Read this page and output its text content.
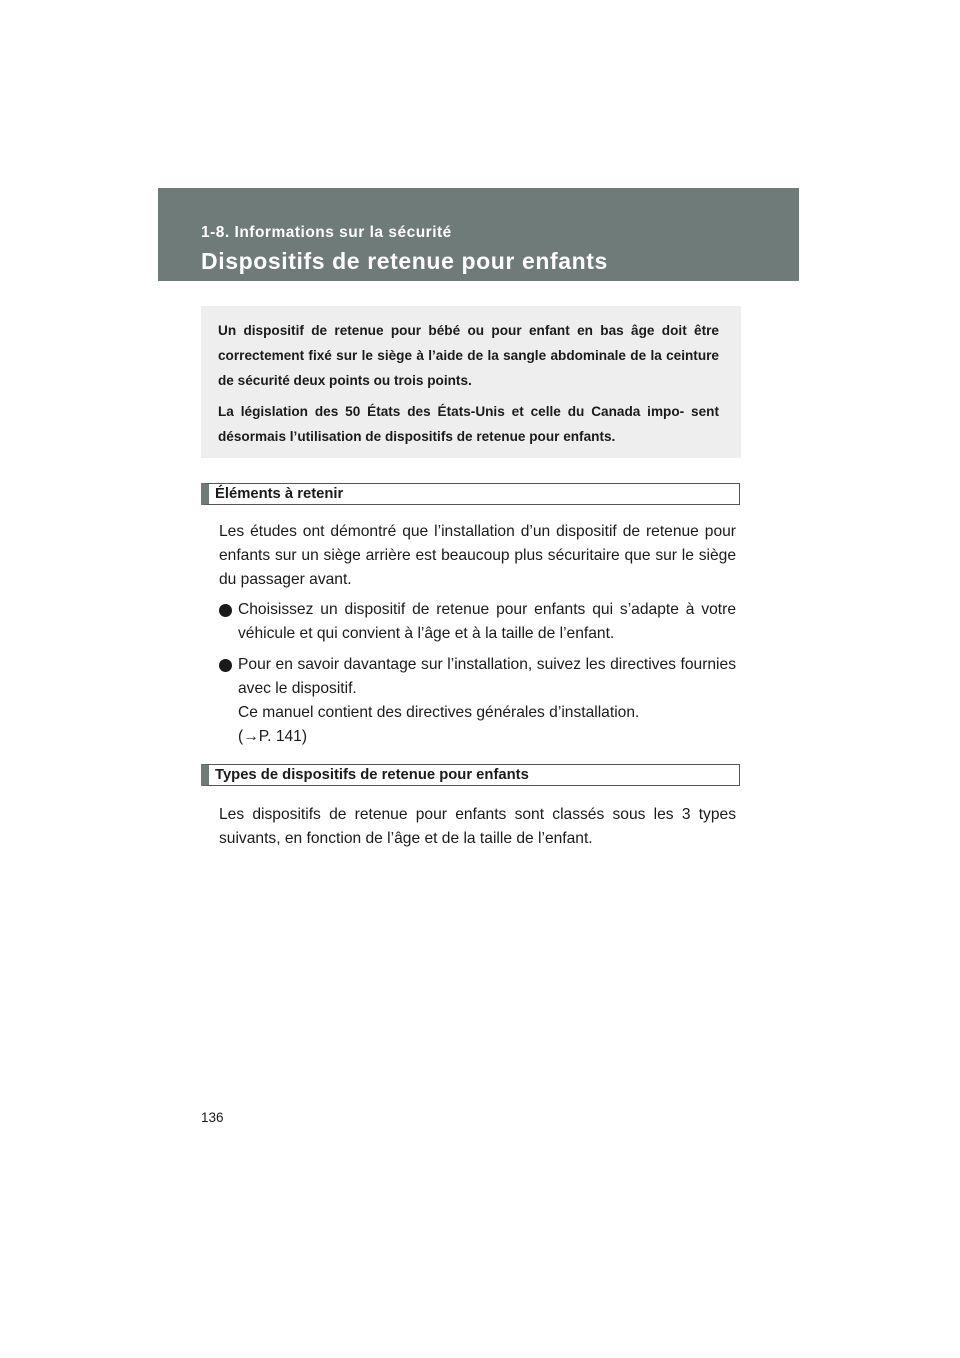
1-8. Informations sur la sécurité
Dispositifs de retenue pour enfants

Un dispositif de retenue pour bébé ou pour enfant en bas âge doit être correctement fixé sur le siège à l’aide de la sangle abdominale de la ceinture de sécurité deux points ou trois points.

La législation des 50 États des États-Unis et celle du Canada impo- sent désormais l’utilisation de dispositifs de retenue pour enfants.

Éléments à retenir

Les études ont démontré que l’installation d’un dispositif de retenue pour enfants sur un siège arrière est beaucoup plus sécuritaire que sur le siège du passager avant.

Choisissez un dispositif de retenue pour enfants qui s’adapte à votre véhicule et qui convient à l’âge et à la taille de l’enfant.

Pour en savoir davantage sur l’installation, suivez les directives fournies avec le dispositif.
Ce manuel contient des directives générales d’installation.
(→P. 141)

Types de dispositifs de retenue pour enfants

Les dispositifs de retenue pour enfants sont classés sous les 3 types suivants, en fonction de l’âge et de la taille de l’enfant.

136
